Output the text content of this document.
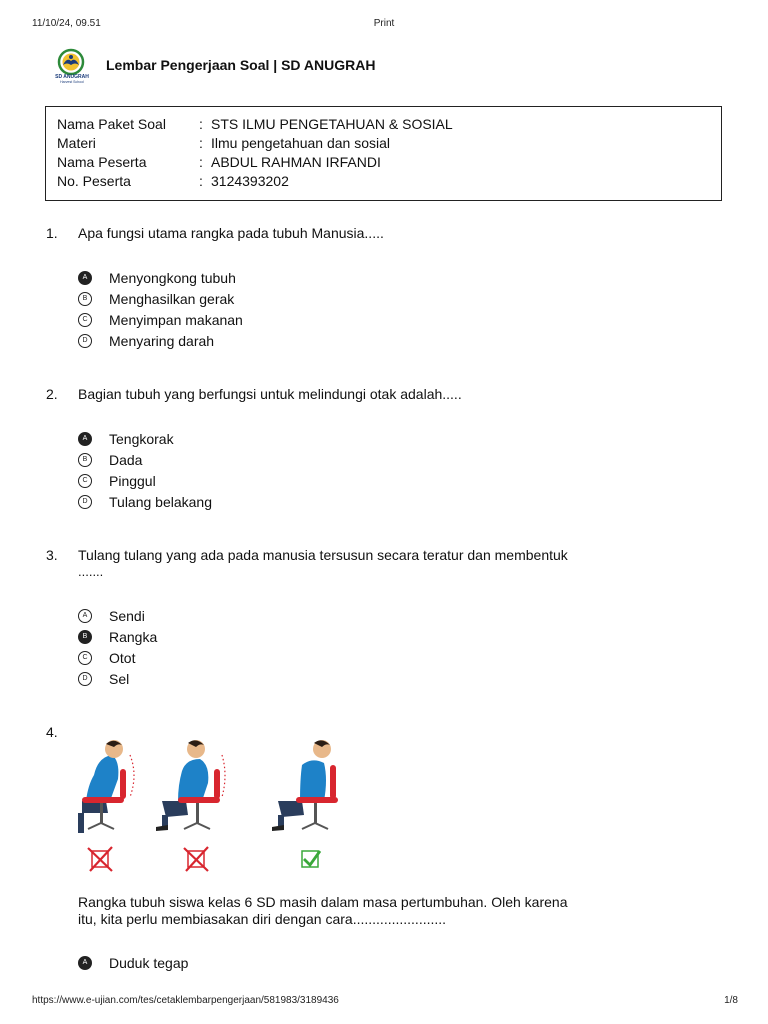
11/10/24, 09.51	Print
SD ANUGRAH
Harvest School
Lembar Pengerjaan Soal | SD ANUGRAH
Nama Paket Soal : STS ILMU PENGETAHUAN & SOSIAL
Materi	: Ilmu pengetahuan dan sosial
Nama Peserta	: ABDUL RAHMAN IRFANDI
No. Peserta	: 3124393202
1. Apa fungsi utama rangka pada tubuh Manusia.....
A	Menyongkong tubuh
B	Menghasilkan gerak
C	Menyimpan makanan
D	Menyaring darah
2. Bagian tubuh yang berfungsi untuk melindungi otak adalah.....
A	Tengkorak
B	Dada
C	Pinggul
D	Tulang belakang
3. Tulang tulang yang ada pada manusia tersusun secara teratur dan membentuk
.......
A	Sendi
B	Rangka
C	Otot
D	Sel
4.
Rangka tubuh siswa kelas 6 SD masih dalam masa pertumbuhan. Oleh karena
itu, kita perlu membiasakan diri dengan cara........................
A	Duduk tegap
https://www.e-ujian.com/tes/cetaklembarpengerjaan/581983/3189436	1/8
